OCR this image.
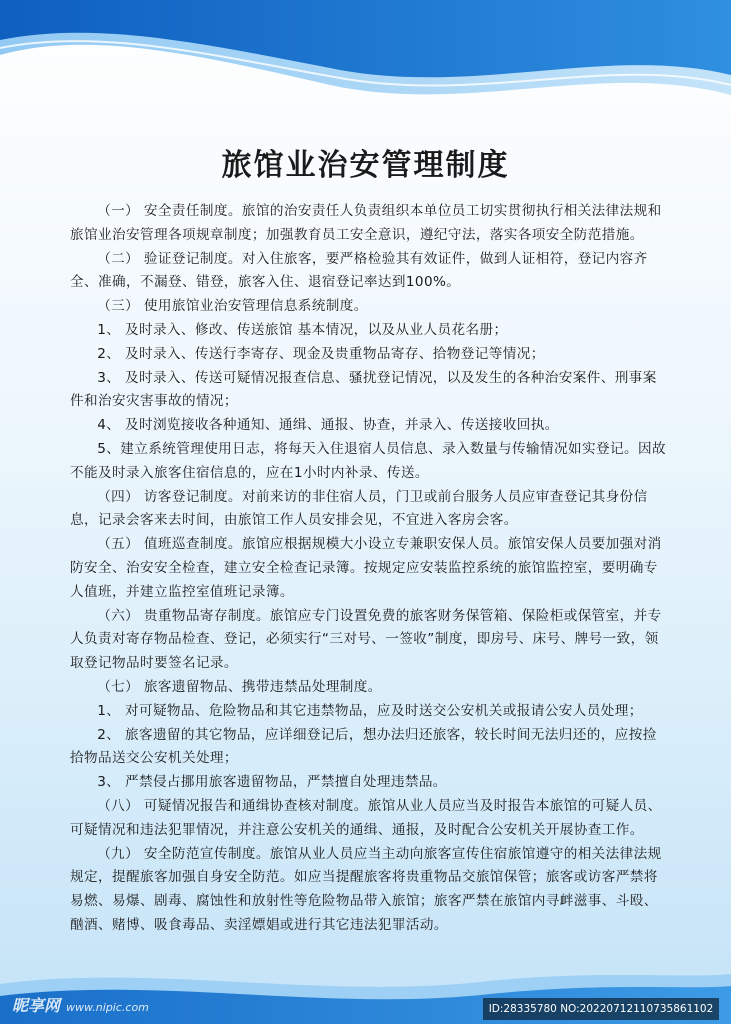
旅馆业治安管理制度

（一） 安全责任制度。旅馆的治安责任人负责组织本单位员工切实贯彻执行相关法律法规和旅馆业治安管理各项规章制度；加强教育员工安全意识，遵纪守法，落实各项安全防范措施。

（二） 验证登记制度。对入住旅客，要严格检验其有效证件，做到人证相符，登记内容齐全、准确，不漏登、错登，旅客入住、退宿登记率达到100%。

（三） 使用旅馆业治安管理信息系统制度。

1、 及时录入、修改、传送旅馆 基本情况，以及从业人员花名册；

2、 及时录入、传送行李寄存、现金及贵重物品寄存、拾物登记等情况；

3、 及时录入、传送可疑情况报查信息、骚扰登记情况，以及发生的各种治安案件、刑事案件和治安灾害事故的情况；

4、 及时浏览接收各种通知、通缉、通报、协查，并录入、传送接收回执。

5、建立系统管理使用日志，将每天入住退宿人员信息、录入数量与传输情况如实登记。因故不能及时录入旅客住宿信息的，应在1小时内补录、传送。

（四） 访客登记制度。对前来访的非住宿人员，门卫或前台服务人员应审查登记其身份信息，记录会客来去时间，由旅馆工作人员安排会见，不宜进入客房会客。

（五） 值班巡查制度。旅馆应根据规模大小设立专兼职安保人员。旅馆安保人员要加强对消防安全、治安安全检查，建立安全检查记录簿。按规定应安装监控系统的旅馆监控室，要明确专人值班，并建立监控室值班记录簿。

（六） 贵重物品寄存制度。旅馆应专门设置免费的旅客财务保管箱、保险柜或保管室，并专人负责对寄存物品检查、登记，必须实行“三对号、一签收”制度，即房号、床号、牌号一致，领取登记物品时要签名记录。

（七） 旅客遗留物品、携带违禁品处理制度。

1、 对可疑物品、危险物品和其它违禁物品，应及时送交公安机关或报请公安人员处理；

2、 旅客遗留的其它物品，应详细登记后，想办法归还旅客，较长时间无法归还的，应按捡拾物品送交公安机关处理；

3、 严禁侵占挪用旅客遗留物品，严禁擅自处理违禁品。

（八） 可疑情况报告和通缉协查核对制度。旅馆从业人员应当及时报告本旅馆的可疑人员、可疑情况和违法犯罪情况，并注意公安机关的通缉、通报，及时配合公安机关开展协查工作。

（九） 安全防范宣传制度。旅馆从业人员应当主动向旅客宣传住宿旅馆遵守的相关法律法规规定，提醒旅客加强自身安全防范。如应当提醒旅客将贵重物品交旅馆保管；旅客或访客严禁将易燃、易爆、剧毒、腐蚀性和放射性等危险物品带入旅馆；旅客严禁在旅馆内寻衅滋事、斗殴、酗酒、赌博、吸食毒品、卖淫嫖娼或进行其它违法犯罪活动。

昵享网 www.nipic.com	ID:28335780 NO:20220712110735861102
